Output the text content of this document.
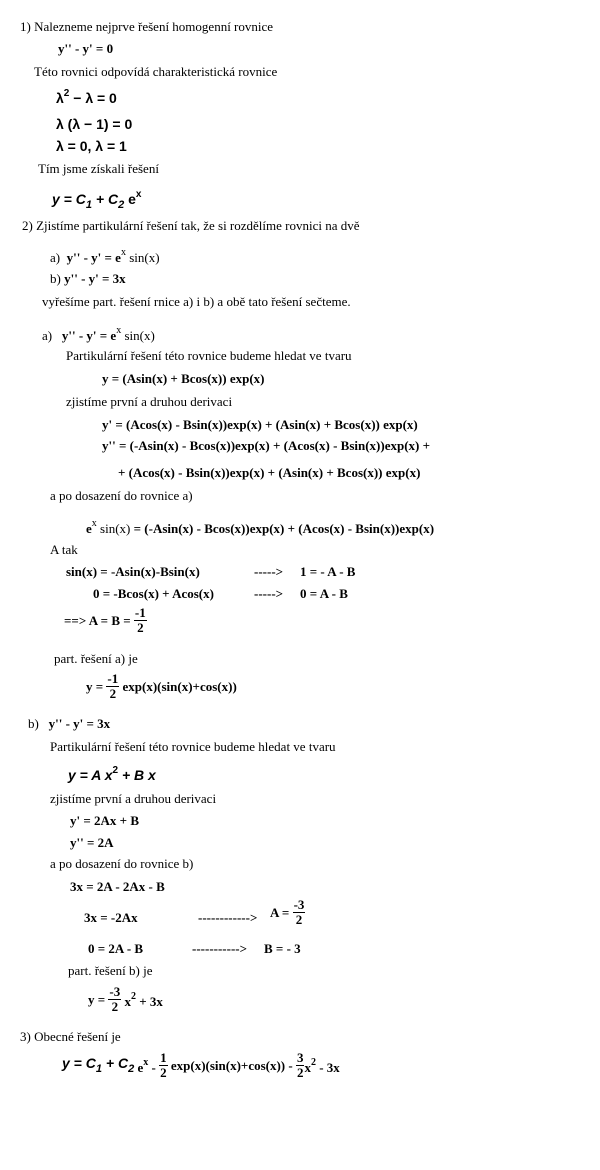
1) Nalezneme nejprve řešení homogenní rovnice
y'' - y' = 0
Této rovnici odpovídá charakteristická rovnice
$\lambda^2 - \lambda = 0$
λ (λ − 1) = 0
λ = 0, λ = 1
Tím jsme získali řešení
$y = C_1 + C_2$ $e^x$
2) Zjistíme partikulární řešení tak, že si rozdělíme rovnici na dvě
a) $y'' - y' = e^x$ sin(x)
b) y'' - y' = 3x
vyřešíme part. řešení rnice a) i b) a obě tato řešení sečteme.
a) $y'' - y' = e^x$ sin(x)
Partikulární řešení této rovnice budeme hledat ve tvaru
y = (Asin(x) + Bcos(x)) exp(x)
zjistíme první a druhou derivaci
y' = (Acos(x) - Bsin(x))exp(x) + (Asin(x) + Bcos(x)) exp(x)
y'' = (-Asin(x) - Bcos(x))exp(x) + (Acos(x) - Bsin(x))exp(x) +
+ (Acos(x) - Bsin(x))exp(x) + (Asin(x) + Bcos(x)) exp(x)
a po dosazení do rovnice a)
$e^x$ sin(x) = (-Asin(x) - Bcos(x))exp(x) + (Acos(x) - Bsin(x))exp(x)
A tak
sin(x) = -Asin(x)-Bsin(x)	-----> 1 = - A - B
0 = -Bcos(x) + Acos(x)	-----> 0 = A - B
==> $A = B = \frac{-1}{2}$
part. řešení a) je
$y = \frac{-1}{2} \exp(x)(\sin(x)+\cos(x))$
b) y'' - y' = 3x
Partikulární řešení této rovnice budeme hledat ve tvaru
y = A $x^2 + B$ x
zjistíme první a druhou derivaci
y' = 2Ax + B
y'' = 2A
a po dosazení do rovnice b)
3x = 2A - 2Ax - B
3x = -2Ax	------------> $A = \frac{-3}{2}$
0 = 2A - B	-----------> B = - 3
part. řešení b) je
$y = \frac{-3}{2} x^2 + 3x$
3) Obecné řešení je
$y = C_1 + C_2$ $e^x - \frac{1}{2} \exp(x)(\sin(x)+\cos(x)) - \frac{3}{2} x^2 - 3x$
